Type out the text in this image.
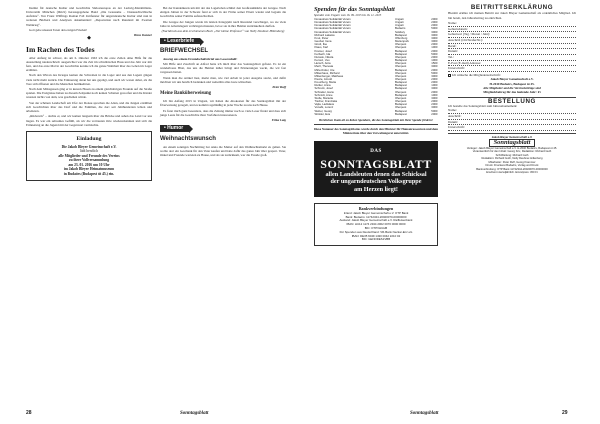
Institut für deutsche Kultur und Geschichte Südosteuropas an der Ludwig-Maximilians-Universität München (IKGS) herausgegebene Band „Die Grausame – Donauschwäbische Aufsätze“. Von Franz Wilflings Roman Fall Zeitfenster für ungarndeutsche Kultur sind nun in weiteren Büchern und Analysen dokumentiert: „Deportation nach Russland im Zweiten Weltkrieg“.

Gott gebe unseren Toten den ewigen Frieden!

Hans Danner
◆
Im Rachen des Todes

Aller Anfang ist schwer, als am 6. Oktober 1963 ich die erste Zeilen ohne Hilfe für die Ausstellung niederschrieb: ausgerichtet war die Zeit im schwäbischen Haus und das Jahr war mir fern, und das erste Mal in der Geschichte konnte ich die ganze Wahrheit über das Leben im Lager erzählen.

Nach den Wirren des Krieges kamen die Schwaben in die Lager und aus den Lagern gingen viele nicht mehr zurück. Die Erinnerung daran hat uns geprägt, und auch wir waren dabei, als die Tore sich öffneten und die Menschen heimkehrten.

Nach dem Mittagessen ging er in kurzen Hosen zu einem gleichaltrigen Freunde auf die Straße spielen. Die Ereignisse haben zu diesem Zeitpunkt noch keinen Schatten geworfen und die Kinder wussten nichts von dem, was geschehen würde.

Von der schönen Landschaft am Ufer der Donau sprachen die Alten, und die Jungen erzählten sich Geschichten über das Dorf und die Familien, die dort seit Jahrhunderten lebten und arbeiteten.

„Rückruck“ – dachte er, und wir kamen langsam über die Brücke und sahen das Land vor uns liegen. Es war ein seltsames Gefühl, als wir die vertrauten Orte wiedererkannten und sich die Erinnerung an die Jugend mit der Gegenwart vermischte.

Einladung
Die Jakob Bleyer Gemeinschaft e.V.
lädt herzlich
alle Mitglieder und Freunde des Vereins
zu ihrer Vollversammlung
am 23. 01. 2016 um 10 Uhr
im Jakob Bleyer Heimatmuseum
in Budaörs (Budapest út 45.) ein.

Bei der Kundenkreis um mit der das Lagerleben schützt den Großraumklubs der Gruppe. Nach einigen Jahren in der Schweiz fand er sich in der Firma seiner Eltern wieder und begann die Geschichte seiner Familie aufzuschreiben.

Die Gruppe der Jungen wurde im letzten Kriegsjahr nach Russland verschleppt, wo sie viele Jahre in Arbeitslagern verbringen mussten, bevor sie in ihre Heimat zurückkehren durften.

(Nachdruck aus dem erschienenen Buch „Der kleine Professor“ von Nelly Deubner-Hiltenberg)

• Leserbriefe
BRIEFWECHSEL

Auszug aus einem Freundschaftsbrief aus Losoveshelf:

Mit Hilfe und Zuschrift an Alfred hatte ich mich über das Sonntagsblatt gefreut. Es ist ein wunderbares Blatt, das uns die Heimat näher bringt und Erinnerungen weckt, die wir fast vergessen hatten.

Wenn man die Artikel liest, merkt man, wie viel Arbeit in jeder Ausgabe steckt, und dafür möchten wir uns herzlich bedanken und weiterhin alles Gute wünschen.

Peter Ruff
Meine Banküberweisung

Ich bin Anfang 2015 in Ungarn, wir haben die Abokosten für das Sonntagsblatt mit der Überweisung geregelt, und es kommt regelmäßig in jeder Woche zu uns nach Hause.

Es freut mich ganz besonders, dass die Zeitung immer noch so viele Leser findet und dass sich junge Leute für die Geschichte ihrer Vorfahren interessieren.

Erika Laig
• Humor
Weihnachtswunsch

An einem sonnigen Nachmittag bat Anna die Mutter auf den Weihnachtsmarkt zu gehen. Sie wollte dort ein Geschenk für den Vater kaufen und hatte dafür das ganze Jahr über gespart. Vater, Onkel und Freunde warteten zu Hause, und als sie zurückkam, war die Freude groß.

28	Sonntagsblatt
Spenden für das Sonntagsblatt
Spenden vom Ungarn vom 16. 09. 2015 bis 16. 11. 2015
Donaukreis Solidarität Verein	Ungarn	2000
Donaukreis Solidarität Verein	Ungarn	2000
Donaukreis Solidarität Verein	Ungarn	2000
Donaukreis Solidarität Verein	Budaörs	5000
Donaukreis Solidarität Verein	Solidary	3000
Richard Lakatos	Budapest	3000
Knut, Peter	Offenburg	3000
Geobal, Irena	Marienpurk	3000
Girolt, Ilse	Ofenpest	2000
Klaus, Karl	Ofenpest	1000
Kramer, Josef	Budapest	2000
Ferbach, Ida	Budapest	5000
Dutoslo, Nikola	Ofenpest	2000
Kerosz, Uvo	Budapest	1000
Hersch, Anta	Ofenpest	1500
Mertl, Theresia	Ofenpest	3000
Mirtenhofer, Ute	Budapest	2000
Mittenhaus, Richard	Ofenpest	5000
Mittenberger, Mattheas	Ofenpest	3000
Pauze, Arnold	Ofenpest	2000
Kreuzberg, Maria	Budapest	2000
Reitter, Anna	Budapest	1000
Schrock, Josef	Budapest	3000
Schrader, Hans	Ofenpest	2000
Schmidt, Anne	Budapest	1000
Stolle, Mariette	Ofenpest	3000
Tischer, Franziska	Ofenpest	2000
Vajta, Ladislaus	Budapest	2000
Vonabt, Lorenz	Ofenpest	3000
Weber, Georg	Budapest	5000
Winkler, Eva	Budapest	2000
Herzlichen Dank all en lieben Spendern, die das Sonntagsblatt mit Ihrer Spende fördern!
Diese Nummer des Sonntagsblattes wurde durch den Minister für Humanressourcen und dem Ministerium über den Verwaltungsrat unterstützt.
$^{DAS}$ SONNTAGSBLATT
allen Landsleuten denen das Schicksal
der ungarndeutschen Volksgruppe
am Herzen liegt!
Bankverbindungen
Inland: Jakob Bleyer Gemeinschaft e.V. OTP Bank
Bank: Budaörs: 11742344-20020070-00000000
Ausland: Jakob Bleyer Gemeinschaft e.V. Raiffeisenbank
IBAN: HU12 1174 2344 2002 0070 0000 0000
BIC: OTPVHUHB
Für Spenden aus Deutschland: VR-Bank Neckar-Enz eG
IBAN: DE35 6049 1430 0042 2210 02
BIC: GENODES1VBB
BEITRITTSERKLÄRUNG
Hiermit erkläre ich meinen Beitritt zur Jakob Bleyer Gemeinschaft als ordentliches Mitglied. Ich bin bereit, den Jahresbeitrag zu entrichten.
Name:
Geburtsdatum:
Geburtsort (Tag / Monat / Jahr):
Anschrift (Ort/Straße/Nr.):
Beruf:
Datum:
Tel.:
E-Post (E-mail) Adresse:
Unterschrift:
Ich wünsche die Mitgliederzeitschrift:
Jakob Bleyer Gemeinschaft e.V.
H-2040 Budaörs, Budapest út 45.
Alle Mitglieder und die Vereinsbeiträge sind
Mitgliedsbeitrag für das laufende Jahr: Ft
BESTELLUNG
Ich bestelle das Sonntagsblatt zum Jahresabonnement:
Name:
Anschrift:
Datum:
Unterschrift:
Jakob Bleyer Gemeinschaft e.V.
Sonntagsblatt
Verleger: Jakob Bleyer Gemeinschaft e.V. H-2040 Budaörs, Budapest út 45.
Verantwortlich für den Inhalt: Georg Krix, Redaktion: Richard Guth
Schriftleitung: Richard Guth
Redaktion: Richard Guth, Nelly Deubner-Hiltenberg
Mitarbeiter: Peter Ruff, Georg Krammer
Druck: Druckerei Budaörs, Verlag und Druck
Bankverbindung: OTP Bank 11742344-20020070-00000000
Erscheint vierteljährlich. Einzelpreis: 450 Ft
Sonntagsblatt	29
